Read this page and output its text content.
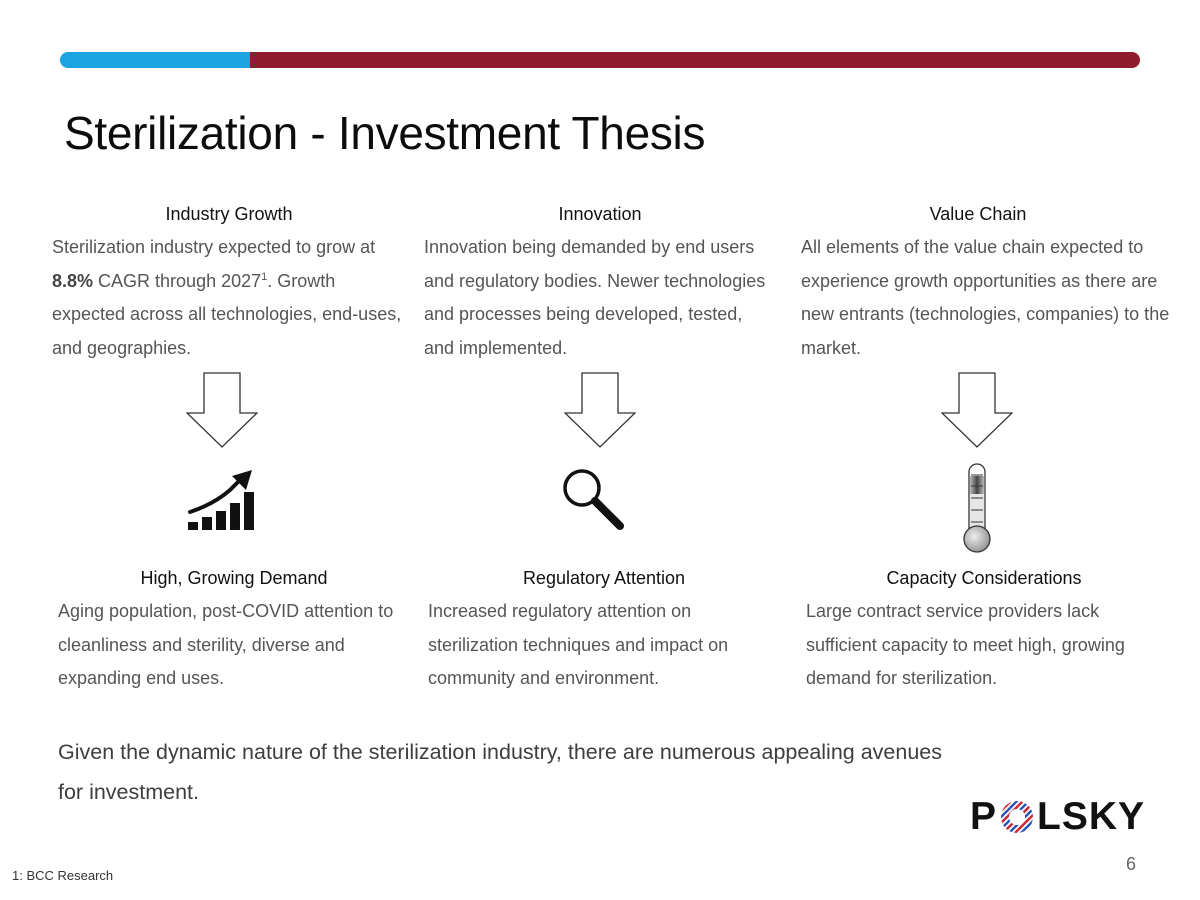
Sterilization - Investment Thesis
Industry Growth
Sterilization industry expected to grow at 8.8% CAGR through 2027$^1$. Growth expected across all technologies, end-uses, and geographies.
Innovation
Innovation being demanded by end users and regulatory bodies. Newer technologies and processes being developed, tested, and implemented.
Value Chain
All elements of the value chain expected to experience growth opportunities as there are new entrants (technologies, companies) to the market.
High, Growing Demand	Regulatory Attention	Capacity Considerations
Aging population, post-COVID attention to cleanliness and sterility, diverse and expanding end uses.
Increased regulatory attention on sterilization techniques and impact on community and environment.
Large contract service providers lack sufficient capacity to meet high, growing demand for sterilization.
Given the dynamic nature of the sterilization industry, there are numerous appealing avenues for investment.
P LSKY
6
1: BCC Research
